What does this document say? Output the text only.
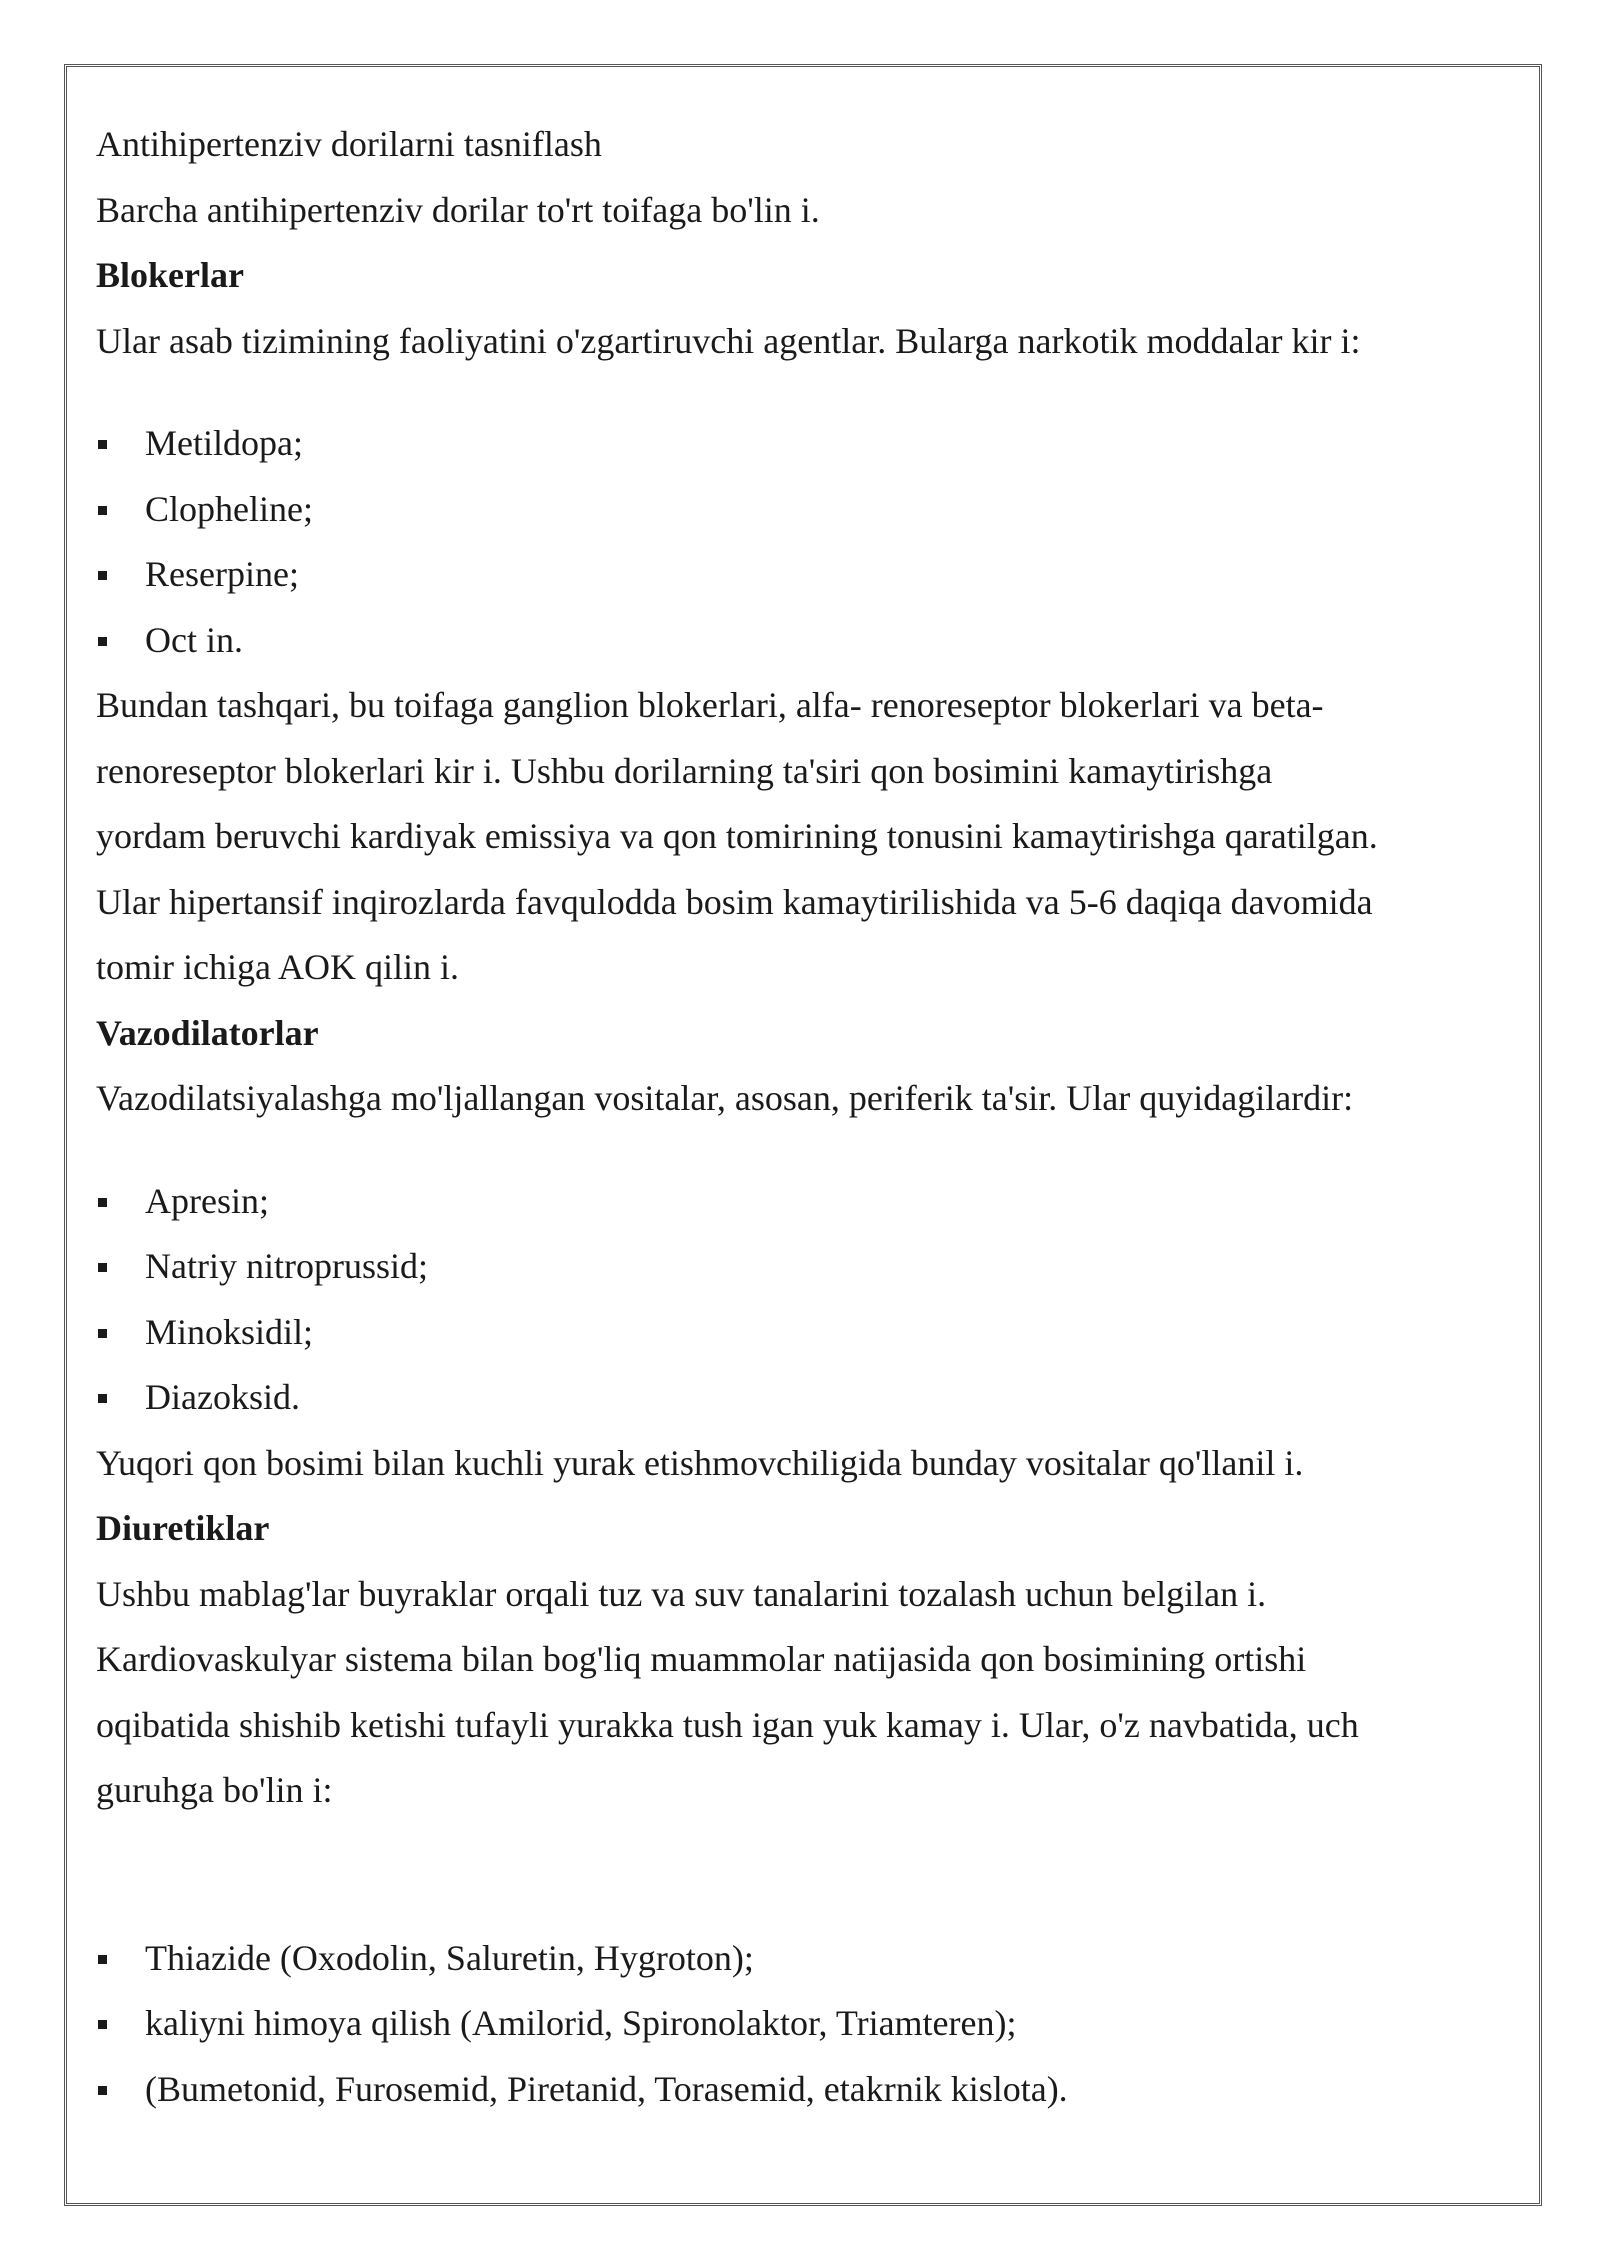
Antihipertenziv dorilarni tasniflash

Barcha antihipertenziv dorilar to'rt toifaga bo'lin i.

Blokerlar

Ular asab tizimining faoliyatini o'zgartiruvchi agentlar. Bularga narkotik moddalar kir i:

Metildopa;
Clopheline;
Reserpine;
Oct in.

Bundan tashqari, bu toifaga ganglion blokerlari, alfa- renoreseptor blokerlari va beta-

renoreseptor blokerlari kir i. Ushbu dorilarning ta'siri qon bosimini kamaytirishga

yordam beruvchi kardiyak emissiya va qon tomirining tonusini kamaytirishga qaratilgan.

Ular hipertansif inqirozlarda favqulodda bosim kamaytirilishida va 5-6 daqiqa davomida

tomir ichiga AOK qilin i.

Vazodilatorlar

Vazodilatsiyalashga mo'ljallangan vositalar, asosan, periferik ta'sir. Ular quyidagilardir:

Apresin;
Natriy nitroprussid;
Minoksidil;
Diazoksid.

Yuqori qon bosimi bilan kuchli yurak etishmovchiligida bunday vositalar qo'llanil i.

Diuretiklar

Ushbu mablag'lar buyraklar orqali tuz va suv tanalarini tozalash uchun belgilan i.

Kardiovaskulyar sistema bilan bog'liq muammolar natijasida qon bosimining ortishi

oqibatida shishib ketishi tufayli yurakka tush igan yuk kamay i. Ular, o'z navbatida, uch

guruhga bo'lin i:

Thiazide (Oxodolin, Saluretin, Hygroton);
kaliyni himoya qilish (Amilorid, Spironolaktor, Triamteren);
(Bumetonid, Furosemid, Piretanid, Torasemid, etakrnik kislota).
